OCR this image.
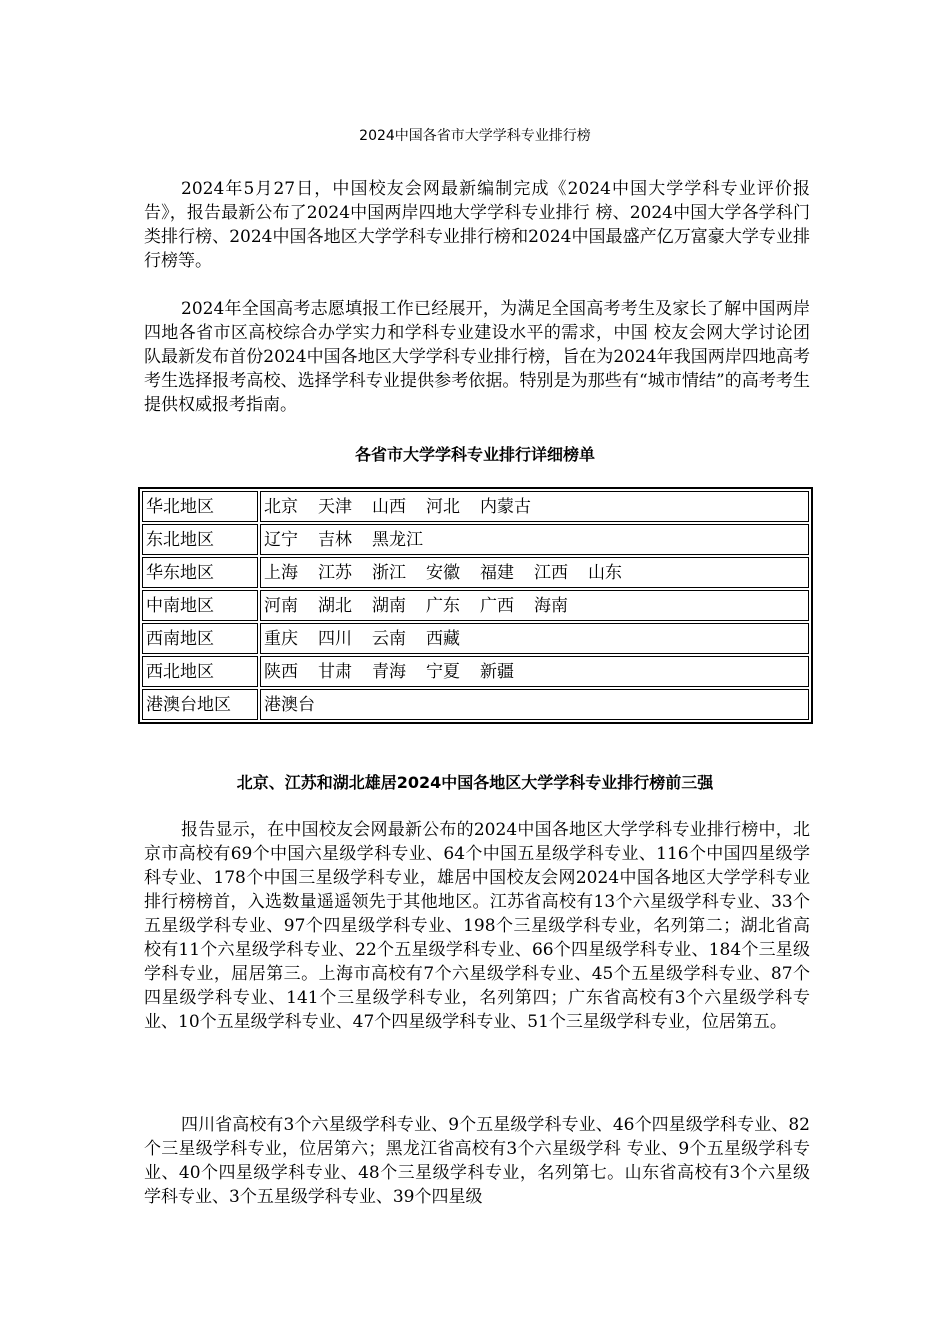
2024中国各省市大学学科专业排行榜

2024年5月27日，中国校友会网最新编制完成《2024中国大学学科专业评价报告》，报告最新公布了2024中国两岸四地大学学科专业排行 榜、2024中国大学各学科门类排行榜、2024中国各地区大学学科专业排行榜和2024中国最盛产亿万富豪大学专业排行榜等。

2024年全国高考志愿填报工作已经展开，为满足全国高考考生及家长了解中国两岸四地各省市区高校综合办学实力和学科专业建设水平的需求，中国 校友会网大学讨论团队最新发布首份2024中国各地区大学学科专业排行榜，旨在为2024年我国两岸四地高考考生选择报考高校、选择学科专业提供参考依据。特别是为那些有“城市情结”的高考考生提供权威报考指南。

各省市大学学科专业排行详细榜单
华北地区	北京 天津 山西 河北 内蒙古
东北地区	辽宁 吉林 黑龙江
华东地区	上海 江苏 浙江 安徽 福建 江西 山东
中南地区	河南 湖北 湖南 广东 广西 海南
西南地区	重庆 四川 云南 西藏
西北地区	陕西 甘肃 青海 宁夏 新疆
港澳台地区	港澳台
北京、江苏和湖北雄居2024中国各地区大学学科专业排行榜前三强

报告显示，在中国校友会网最新公布的2024中国各地区大学学科专业排行榜中，北京市高校有69个中国六星级学科专业、64个中国五星级学科专业、116个中国四星级学科专业、178个中国三星级学科专业，雄居中国校友会网2024中国各地区大学学科专业排行榜榜首，入选数量遥遥领先于其他地区。江苏省高校有13个六星级学科专业、33个五星级学科专业、97个四星级学科专业、198个三星级学科专业，名列第二；湖北省高校有11个六星级学科专业、22个五星级学科专业、66个四星级学科专业、184个三星级学科专业，屈居第三。上海市高校有7个六星级学科专业、45个五星级学科专业、87个四星级学科专业、141个三星级学科专业，名列第四；广东省高校有3个六星级学科专业、10个五星级学科专业、47个四星级学科专业、51个三星级学科专业，位居第五。

四川省高校有3个六星级学科专业、9个五星级学科专业、46个四星级学科专业、82个三星级学科专业，位居第六；黑龙江省高校有3个六星级学科 专业、9个五星级学科专业、40个四星级学科专业、48个三星级学科专业，名列第七。山东省高校有3个六星级学科专业、3个五星级学科专业、39个四星级
